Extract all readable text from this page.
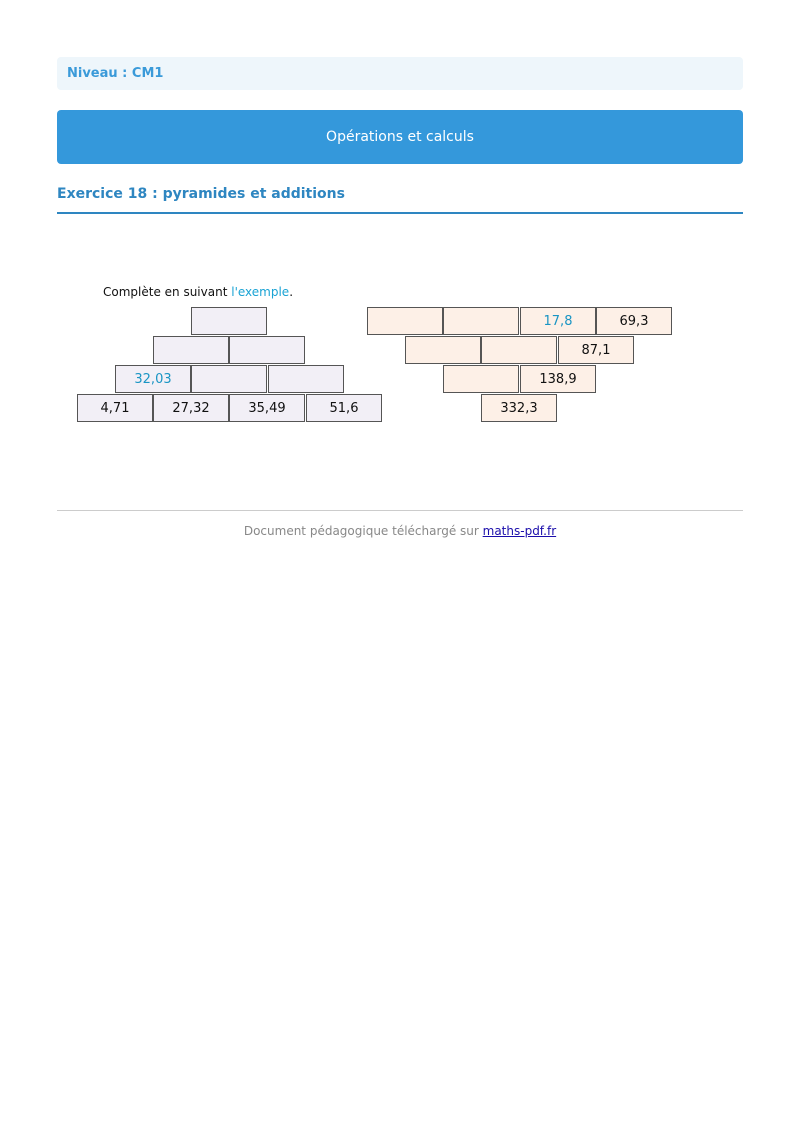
Niveau : CM1
Opérations et calculs
Exercice 18 : pyramides et additions
Complète en suivant l'exemple.
32,03
4,71	27,32	35,49	51,6
17,8	69,3
87,1
138,9
332,3
Document pédagogique téléchargé sur maths-pdf.fr
